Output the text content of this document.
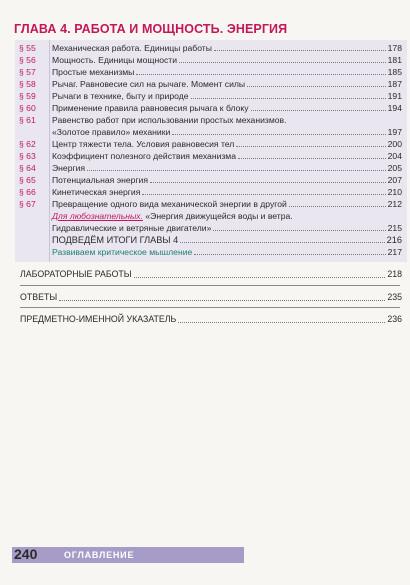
ГЛАВА 4. РАБОТА И МОЩНОСТЬ. ЭНЕРГИЯ
§ 55	Механическая работа. Единицы работы	178
§ 56	Мощность. Единицы мощности	181
§ 57	Простые механизмы	185
§ 58	Рычаг. Равновесие сил на рычаге. Момент силы	187
§ 59	Рычаги в технике, быту и природе	191
§ 60	Применение правила равновесия рычага к блоку	194
§ 61	Равенство работ при использовании простых механизмов.
«Золотое правило» механики	197
§ 62	Центр тяжести тела. Условия равновесия тел	200
§ 63	Коэффициент полезного действия механизма	204
§ 64	Энергия	205
§ 65	Потенциальная энергия	207
§ 66	Кинетическая энергия	210
§ 67	Превращение одного вида механической энергии в другой	212
Для любознательных. «Энергия движущейся воды и ветра.
Гидравлические и ветряные двигатели»	215
ПОДВЕДЁМ ИТОГИ ГЛАВЫ 4	216
Развиваем критическое мышление	217
ЛАБОРАТОРНЫЕ РАБОТЫ	218
ОТВЕТЫ	235
ПРЕДМЕТНО-ИМЕННОЙ УКАЗАТЕЛЬ	236
240	ОГЛАВЛЕНИЕ
